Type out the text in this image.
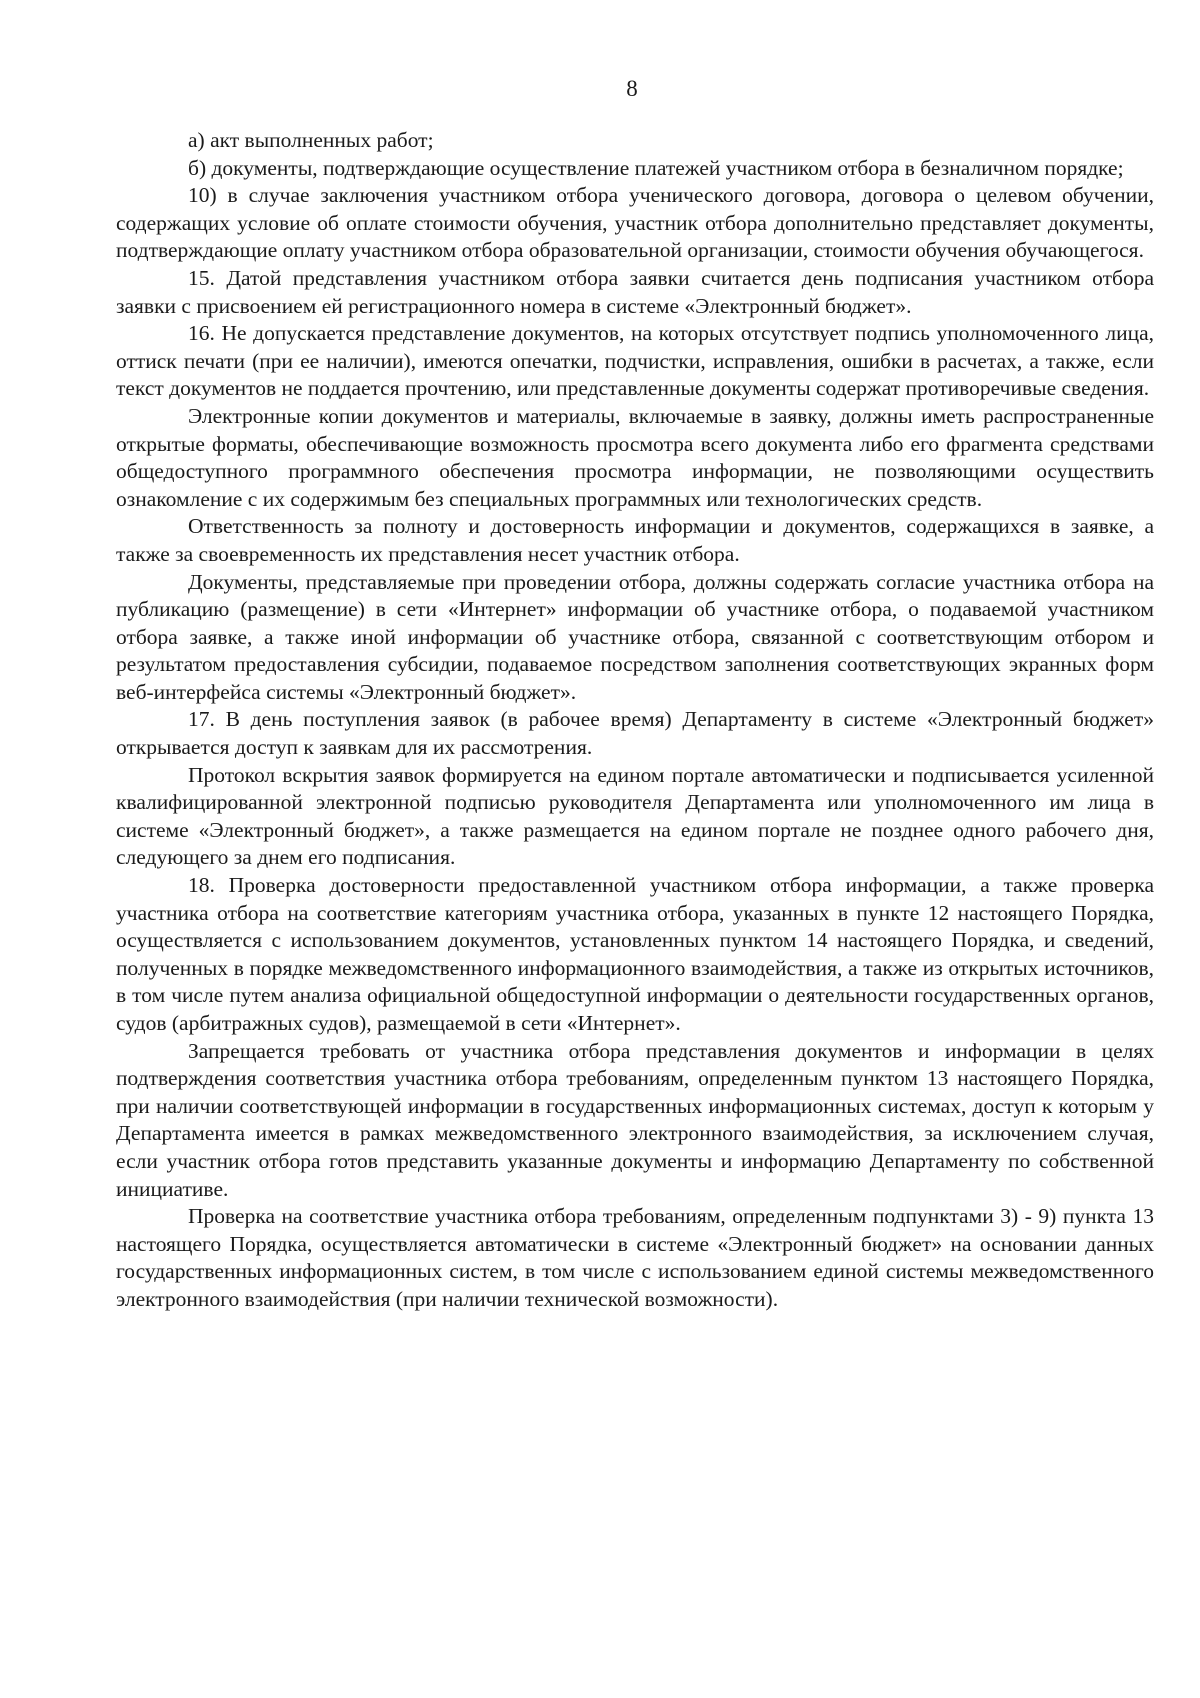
8

а) акт выполненных работ;

б) документы, подтверждающие осуществление платежей участником отбора в безналичном порядке;

10) в случае заключения участником отбора ученического договора, договора о целевом обучении, содержащих условие об оплате стоимости обучения, участник отбора дополнительно представляет документы, подтверждающие оплату участником отбора образовательной организации, стоимости обучения обучающегося.

15. Датой представления участником отбора заявки считается день подписания участником отбора заявки с присвоением ей регистрационного номера в системе «Электронный бюджет».

16. Не допускается представление документов, на которых отсутствует подпись уполномоченного лица, оттиск печати (при ее наличии), имеются опечатки, подчистки, исправления, ошибки в расчетах, а также, если текст документов не поддается прочтению, или представленные документы содержат противоречивые сведения.

Электронные копии документов и материалы, включаемые в заявку, должны иметь распространенные открытые форматы, обеспечивающие возможность просмотра всего документа либо его фрагмента средствами общедоступного программного обеспечения просмотра информации, не позволяющими осуществить ознакомление с их содержимым без специальных программных или технологических средств.

Ответственность за полноту и достоверность информации и документов, содержащихся в заявке, а также за своевременность их представления несет участник отбора.

Документы, представляемые при проведении отбора, должны содержать согласие участника отбора на публикацию (размещение) в сети «Интернет» информации об участнике отбора, о подаваемой участником отбора заявке, а также иной информации об участнике отбора, связанной с соответствующим отбором и результатом предоставления субсидии, подаваемое посредством заполнения соответствующих экранных форм веб-интерфейса системы «Электронный бюджет».

17. В день поступления заявок (в рабочее время) Департаменту в системе «Электронный бюджет» открывается доступ к заявкам для их рассмотрения.

Протокол вскрытия заявок формируется на едином портале автоматически и подписывается усиленной квалифицированной электронной подписью руководителя Департамента или уполномоченного им лица в системе «Электронный бюджет», а также размещается на едином портале не позднее одного рабочего дня, следующего за днем его подписания.

18. Проверка достоверности предоставленной участником отбора информации, а также проверка участника отбора на соответствие категориям участника отбора, указанных в пункте 12 настоящего Порядка, осуществляется с использованием документов, установленных пунктом 14 настоящего Порядка, и сведений, полученных в порядке межведомственного информационного взаимодействия, а также из открытых источников, в том числе путем анализа официальной общедоступной информации о деятельности государственных органов, судов (арбитражных судов), размещаемой в сети «Интернет».

Запрещается требовать от участника отбора представления документов и информации в целях подтверждения соответствия участника отбора требованиям, определенным пунктом 13 настоящего Порядка, при наличии соответствующей информации в государственных информационных системах, доступ к которым у Департамента имеется в рамках межведомственного электронного взаимодействия, за исключением случая, если участник отбора готов представить указанные документы и информацию Департаменту по собственной инициативе.

Проверка на соответствие участника отбора требованиям, определенным подпунктами 3) - 9) пункта 13 настоящего Порядка, осуществляется автоматически в системе «Электронный бюджет» на основании данных государственных информационных систем, в том числе с использованием единой системы межведомственного электронного взаимодействия (при наличии технической возможности).
